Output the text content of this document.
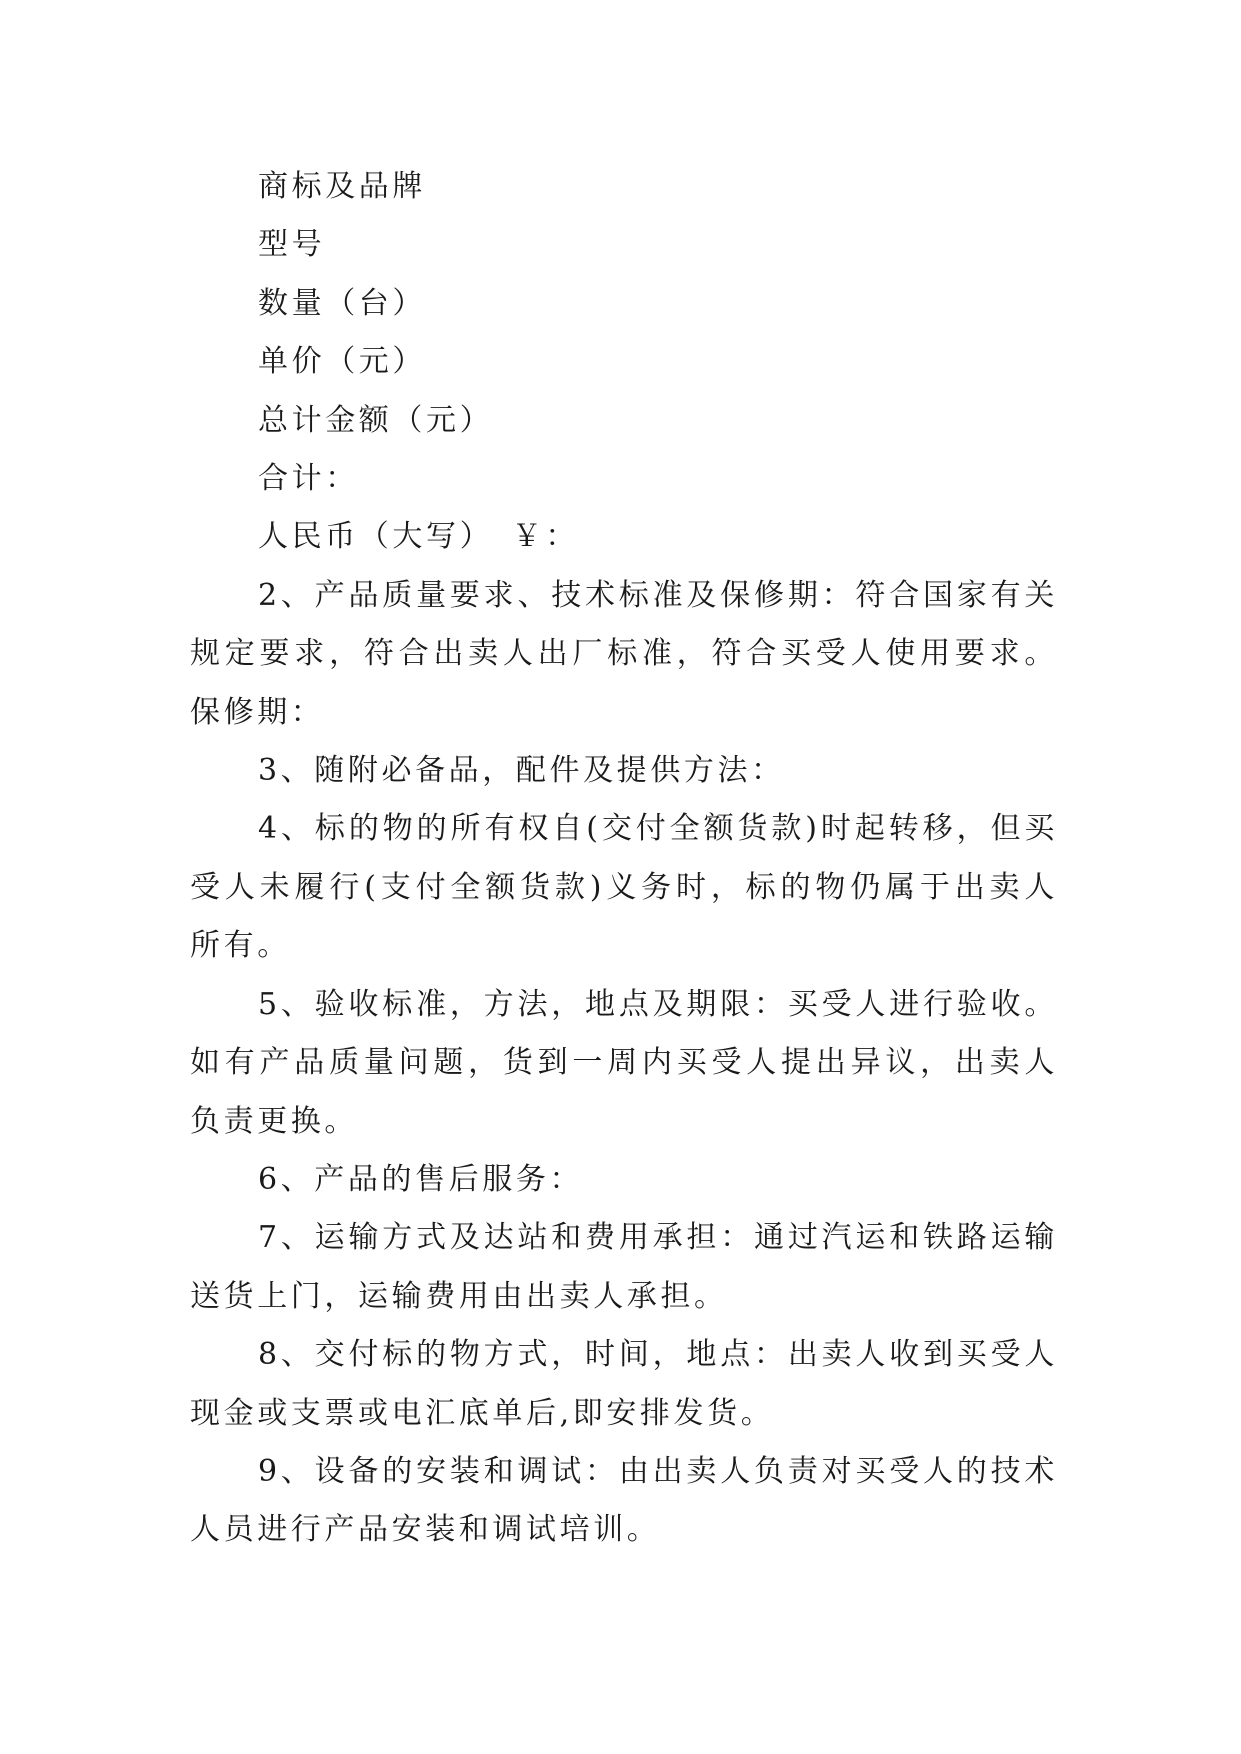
商标及品牌

型号

数量（台）

单价（元）

总计金额（元）

合计：

人民币（大写）　￥：

2、产品质量要求、技术标准及保修期：符合国家有关规定要求，符合出卖人出厂标准，符合买受人使用要求。保修期：

3、随附必备品，配件及提供方法：

4、标的物的所有权自(交付全额货款)时起转移，但买受人未履行(支付全额货款)义务时，标的物仍属于出卖人所有。

5、验收标准，方法，地点及期限：买受人进行验收。如有产品质量问题，货到一周内买受人提出异议，出卖人负责更换。

6、产品的售后服务：

7、运输方式及达站和费用承担：通过汽运和铁路运输送货上门，运输费用由出卖人承担。

8、交付标的物方式，时间，地点：出卖人收到买受人现金或支票或电汇底单后,即安排发货。

9、设备的安装和调试：由出卖人负责对买受人的技术人员进行产品安装和调试培训。
